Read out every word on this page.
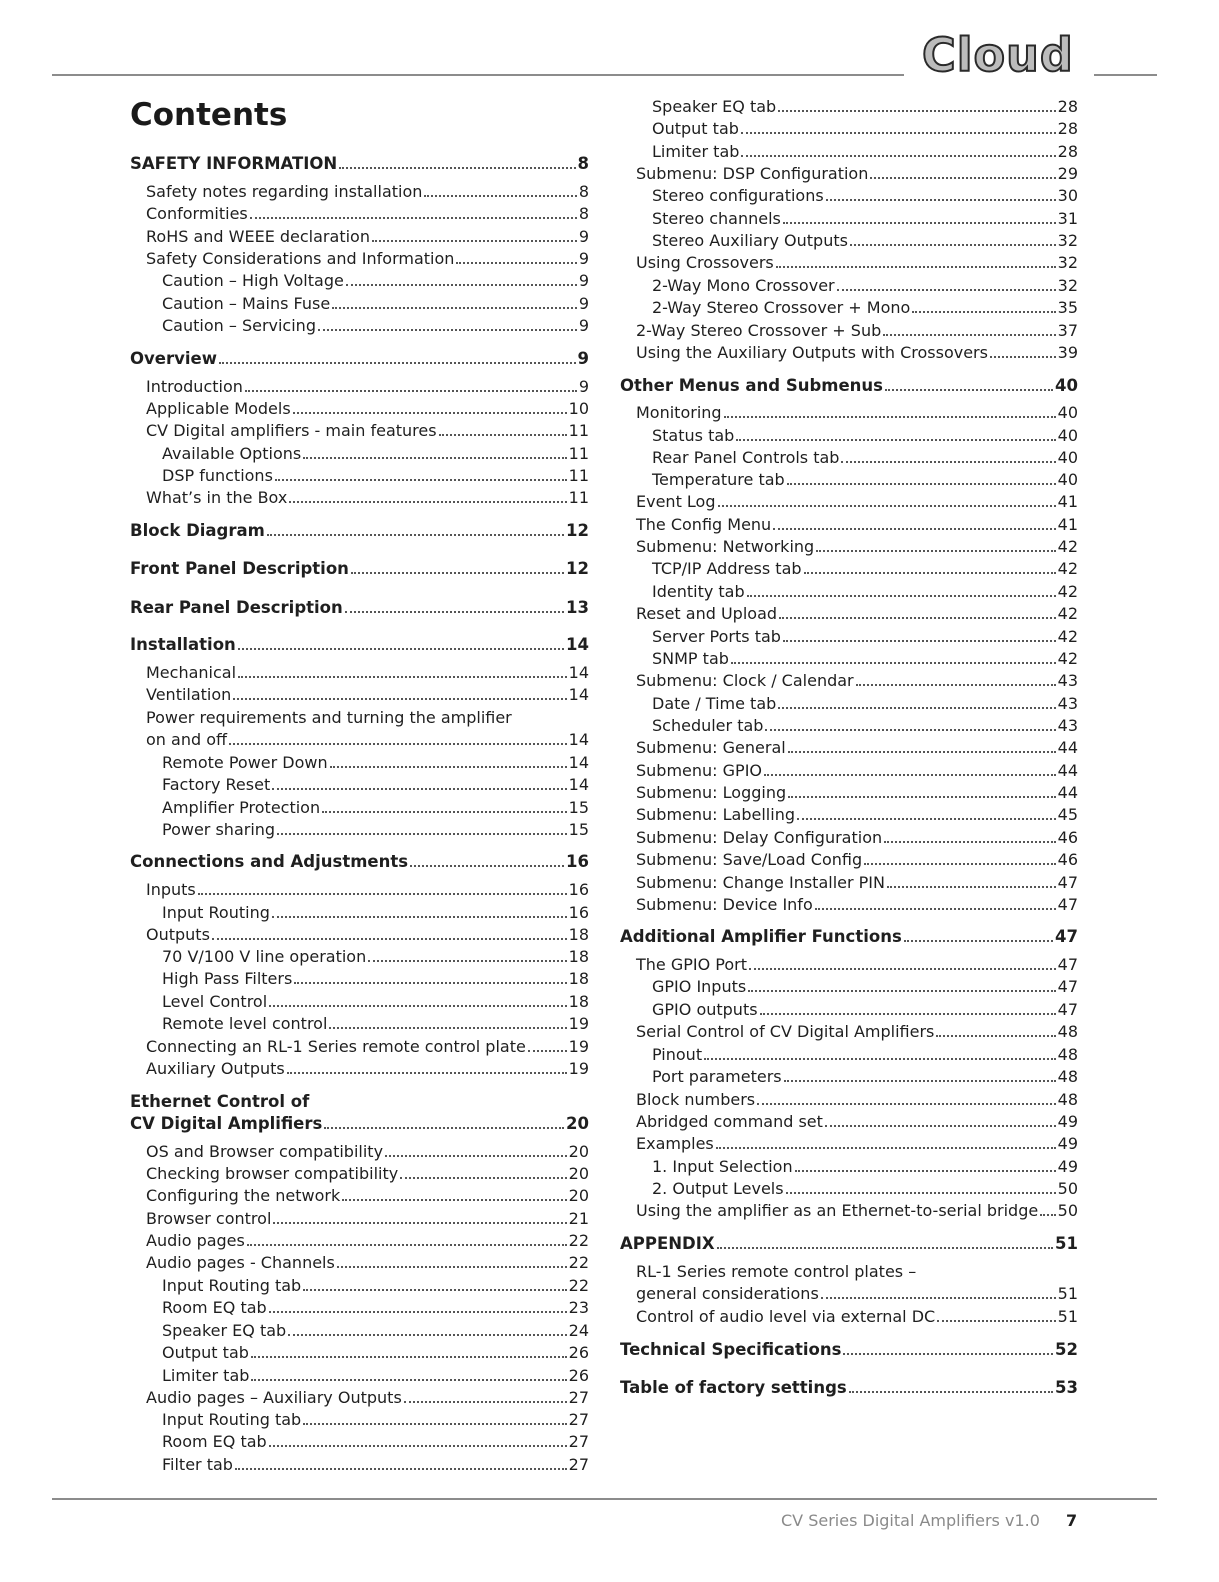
Cloud
Contents
SAFETY INFORMATION	8
Safety notes regarding installation	8
Conformities	8
RoHS and WEEE declaration	9
Safety Considerations and Information	9
Caution – High Voltage	9
Caution – Mains Fuse	9
Caution – Servicing	9
Overview	9
Introduction	9
Applicable Models	10
CV Digital amplifiers - main features	11
Available Options	11
DSP functions	11
What’s in the Box	11
Block Diagram	12
Front Panel Description	12
Rear Panel Description	13
Installation	14
Mechanical	14
Ventilation	14
Power requirements and turning the amplifier
on and off	14
Remote Power Down	14
Factory Reset	14
Amplifier Protection	15
Power sharing	15
Connections and Adjustments	16
Inputs	16
Input Routing	16
Outputs	18
70 V/100 V line operation	18
High Pass Filters	18
Level Control	18
Remote level control	19
Connecting an RL-1 Series remote control plate	19
Auxiliary Outputs	19
Ethernet Control of
CV Digital Amplifiers	20
OS and Browser compatibility	20
Checking browser compatibility	20
Configuring the network	20
Browser control	21
Audio pages	22
Audio pages - Channels	22
Input Routing tab	22
Room EQ tab	23
Speaker EQ tab	24
Output tab	26
Limiter tab	26
Audio pages – Auxiliary Outputs	27
Input Routing tab	27
Room EQ tab	27
Filter tab	27
Speaker EQ tab	28
Output tab	28
Limiter tab	28
Submenu: DSP Configuration	29
Stereo configurations	30
Stereo channels	31
Stereo Auxiliary Outputs	32
Using Crossovers	32
2-Way Mono Crossover	32
2-Way Stereo Crossover + Mono	35
2-Way Stereo Crossover + Sub	37
Using the Auxiliary Outputs with Crossovers	39
Other Menus and Submenus	40
Monitoring	40
Status tab	40
Rear Panel Controls tab	40
Temperature tab	40
Event Log	41
The Config Menu	41
Submenu: Networking	42
TCP/IP Address tab	42
Identity tab	42
Reset and Upload	42
Server Ports tab	42
SNMP tab	42
Submenu: Clock / Calendar	43
Date / Time tab	43
Scheduler tab	43
Submenu: General	44
Submenu: GPIO	44
Submenu: Logging	44
Submenu: Labelling	45
Submenu: Delay Configuration	46
Submenu: Save/Load Config	46
Submenu: Change Installer PIN	47
Submenu: Device Info	47
Additional Amplifier Functions	47
The GPIO Port	47
GPIO Inputs	47
GPIO outputs	47
Serial Control of CV Digital Amplifiers	48
Pinout	48
Port parameters	48
Block numbers	48
Abridged command set	49
Examples	49
1. Input Selection	49
2. Output Levels	50
Using the amplifier as an Ethernet-to-serial bridge 50
APPENDIX	51
RL-1 Series remote control plates –
general considerations	51
Control of audio level via external DC	51
Technical Specifications	52
Table of factory settings	53
CV Series Digital Amplifiers v1.0 7
